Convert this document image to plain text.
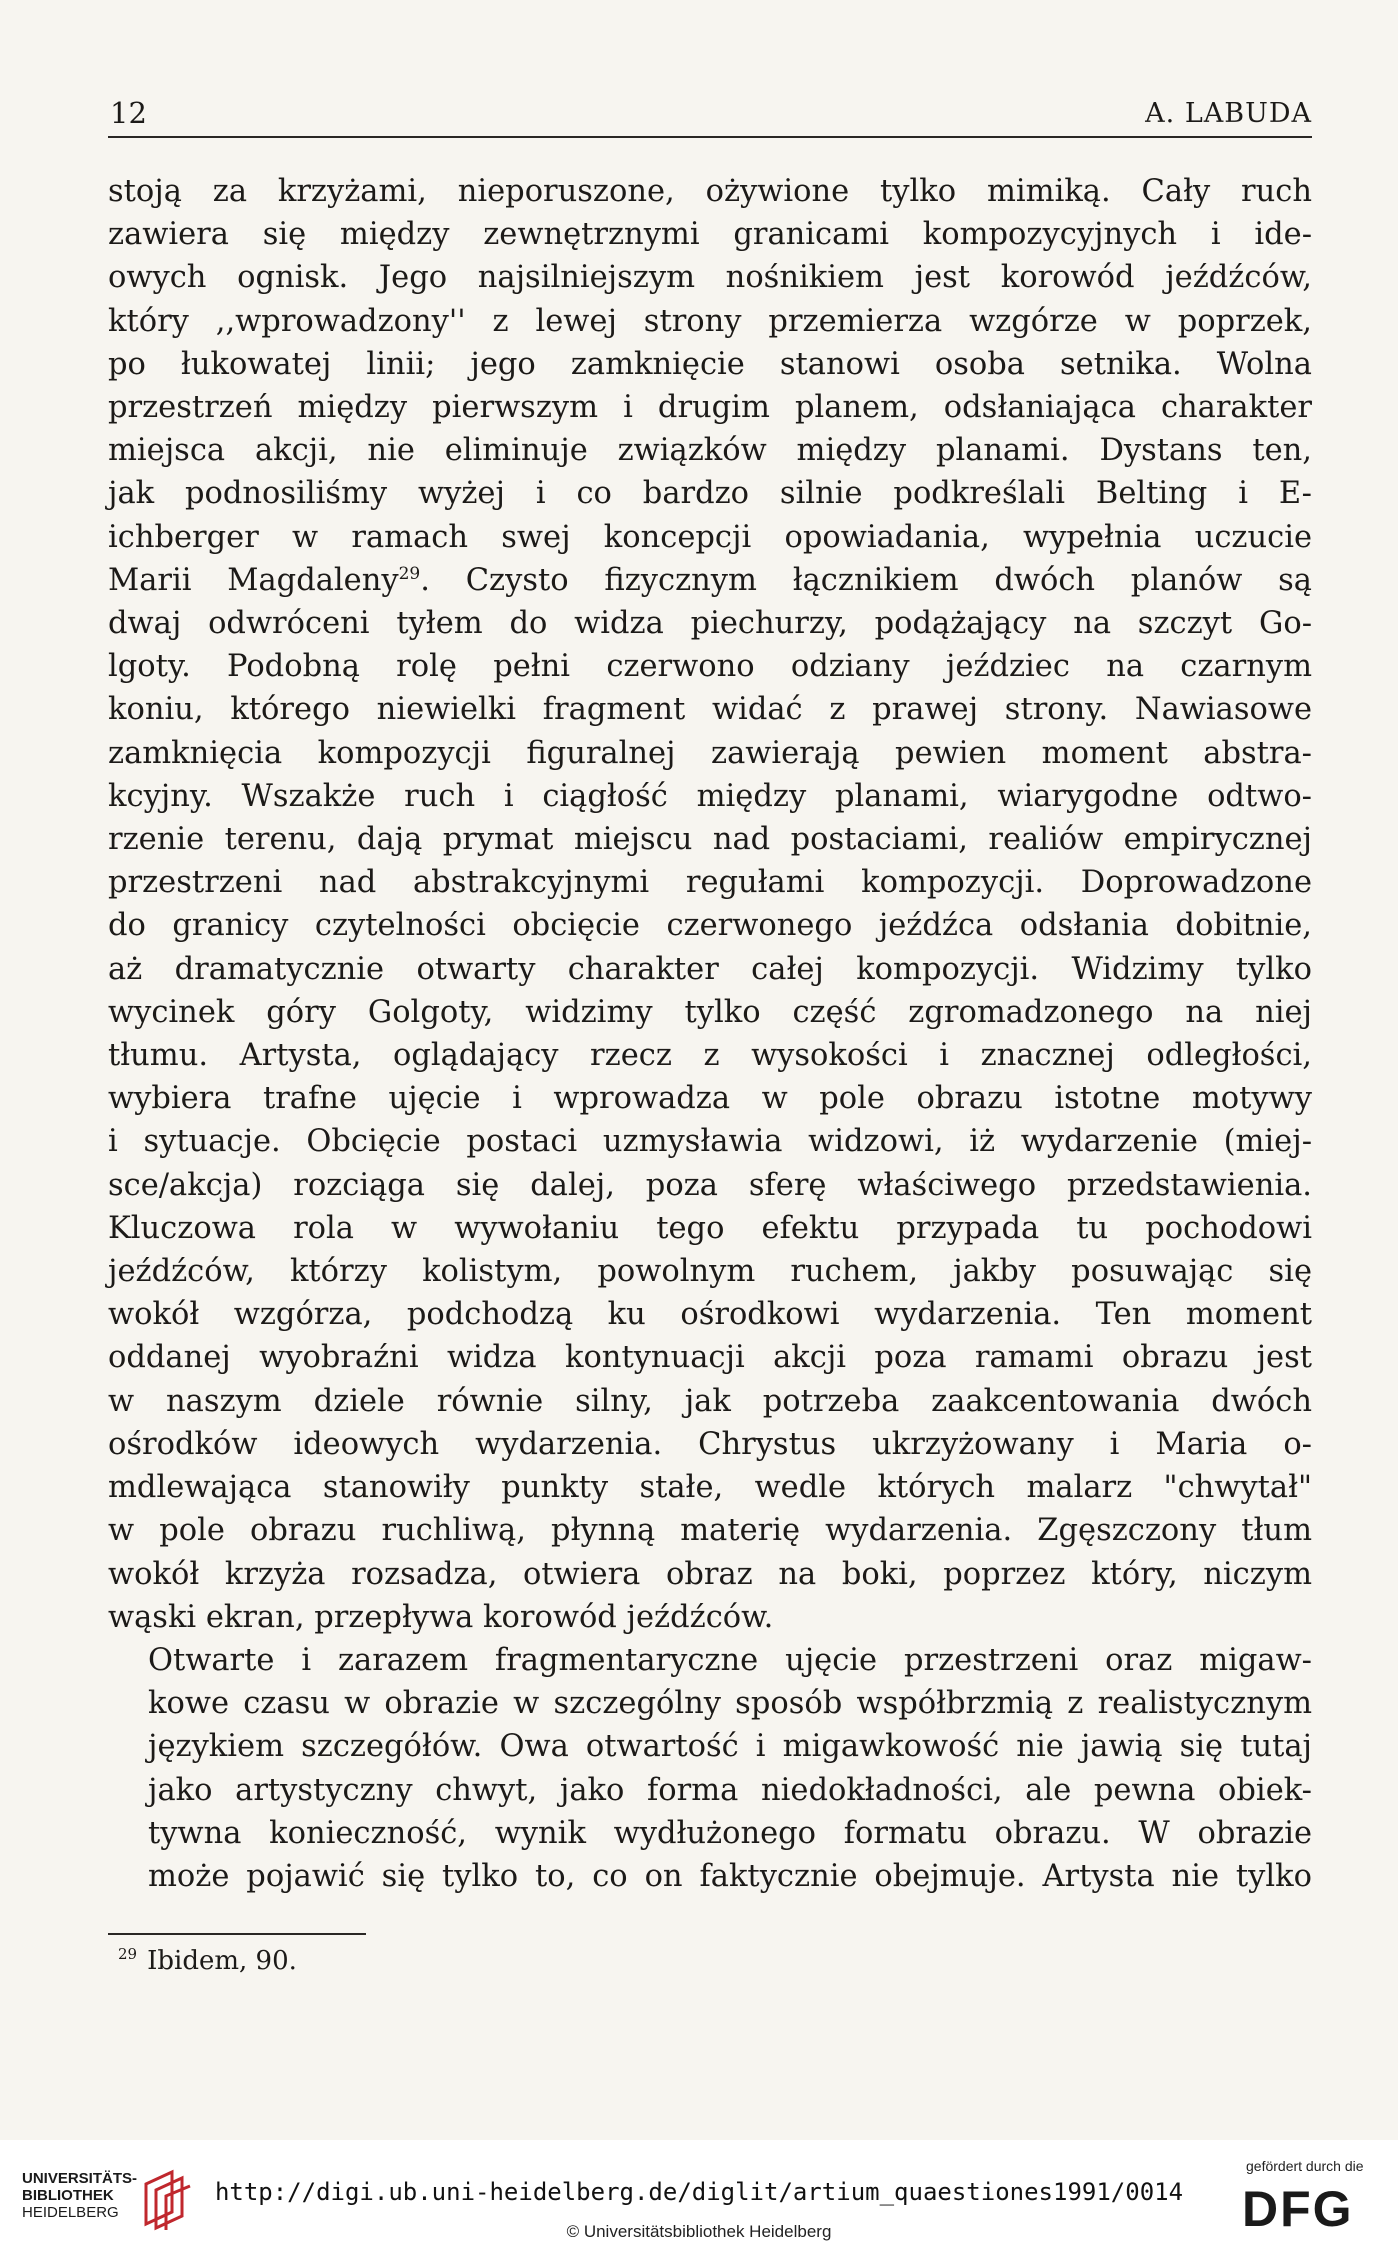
12	A. LABUDA

stoją za krzyżami, nieporuszone, ożywione tylko mimiką. Cały ruch
zawiera się między zewnętrznymi granicami kompozycyjnych i ide-
owych ognisk. Jego najsilniejszym nośnikiem jest korowód jeźdźców,
który ,,wprowadzony'' z lewej strony przemierza wzgórze w poprzek,
po łukowatej linii; jego zamknięcie stanowi osoba setnika. Wolna
przestrzeń między pierwszym i drugim planem, odsłaniająca charakter
miejsca akcji, nie eliminuje związków między planami. Dystans ten,
jak podnosiliśmy wyżej i co bardzo silnie podkreślali Belting i E-
ichberger w ramach swej koncepcji opowiadania, wypełnia uczucie
Marii Magdaleny$^{29}$. Czysto fizycznym łącznikiem dwóch planów są
dwaj odwróceni tyłem do widza piechurzy, podążający na szczyt Go-
lgoty. Podobną rolę pełni czerwono odziany jeździec na czarnym
koniu, którego niewielki fragment widać z prawej strony. Nawiasowe
zamknięcia kompozycji figuralnej zawierają pewien moment abstra-
kcyjny. Wszakże ruch i ciągłość między planami, wiarygodne odtwo-
rzenie terenu, dają prymat miejscu nad postaciami, realiów empirycznej
przestrzeni nad abstrakcyjnymi regułami kompozycji. Doprowadzone
do granicy czytelności obcięcie czerwonego jeźdźca odsłania dobitnie,
aż dramatycznie otwarty charakter całej kompozycji. Widzimy tylko
wycinek góry Golgoty, widzimy tylko część zgromadzonego na niej
tłumu. Artysta, oglądający rzecz z wysokości i znacznej odległości,
wybiera trafne ujęcie i wprowadza w pole obrazu istotne motywy
i sytuacje. Obcięcie postaci uzmysławia widzowi, iż wydarzenie (miej-
sce/akcja) rozciąga się dalej, poza sferę właściwego przedstawienia.
Kluczowa rola w wywołaniu tego efektu przypada tu pochodowi
jeźdźców, którzy kolistym, powolnym ruchem, jakby posuwając się
wokół wzgórza, podchodzą ku ośrodkowi wydarzenia. Ten moment
oddanej wyobraźni widza kontynuacji akcji poza ramami obrazu jest
w naszym dziele równie silny, jak potrzeba zaakcentowania dwóch
ośrodków ideowych wydarzenia. Chrystus ukrzyżowany i Maria o-
mdlewająca stanowiły punkty stałe, wedle których malarz "chwytał"
w pole obrazu ruchliwą, płynną materię wydarzenia. Zgęszczony tłum
wokół krzyża rozsadza, otwiera obraz na boki, poprzez który, niczym
wąski ekran, przepływa korowód jeźdźców.

Otwarte i zarazem fragmentaryczne ujęcie przestrzeni oraz migaw-
kowe czasu w obrazie w szczególny sposób współbrzmią z realistycznym
językiem szczegółów. Owa otwartość i migawkowość nie jawią się tutaj
jako artystyczny chwyt, jako forma niedokładności, ale pewna obiek-
tywna konieczność, wynik wydłużonego formatu obrazu. W obrazie
może pojawić się tylko to, co on faktycznie obejmuje. Artysta nie tylko

$^{29}$ Ibidem, 90.
UNIVERSITÄTS-
BIBLIOTHEK
HEIDELBERG
http://digi.ub.uni-heidelberg.de/diglit/artium_quaestiones1991/0014
© Universitätsbibliothek Heidelberg
gefördert durch die
DFG
